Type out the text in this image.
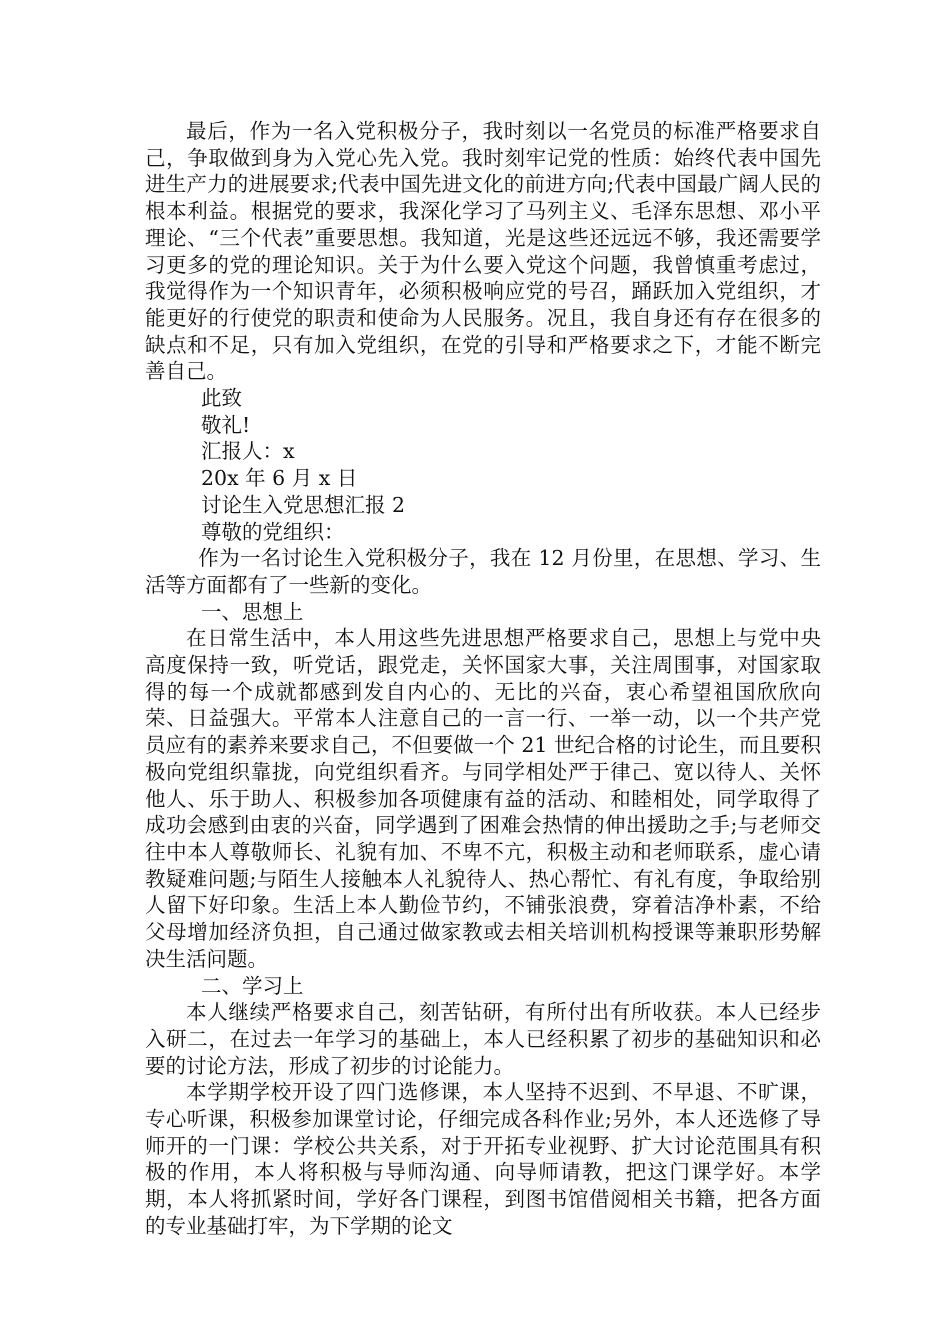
最后，作为一名入党积极分子，我时刻以一名党员的标准严格要求自己，争取做到身为入党心先入党。我时刻牢记党的性质：始终代表中国先进生产力的进展要求;代表中国先进文化的前进方向;代表中国最广阔人民的根本利益。根据党的要求，我深化学习了马列主义、毛泽东思想、邓小平理论、“三个代表”重要思想。我知道，光是这些还远远不够，我还需要学习更多的党的理论知识。关于为什么要入党这个问题，我曾慎重考虑过，我觉得作为一个知识青年，必须积极响应党的号召，踊跃加入党组织，才能更好的行使党的职责和使命为人民服务。况且，我自身还有存在很多的缺点和不足，只有加入党组织，在党的引导和严格要求之下，才能不断完善自己。

此致

敬礼!

汇报人：x

20x 年 6 月 x 日

讨论生入党思想汇报 2

尊敬的党组织：

作为一名讨论生入党积极分子，我在 12 月份里，在思想、学习、生活等方面都有了一些新的变化。

一、思想上

在日常生活中，本人用这些先进思想严格要求自己，思想上与党中央高度保持一致，听党话，跟党走，关怀国家大事，关注周围事，对国家取得的每一个成就都感到发自内心的、无比的兴奋，衷心希望祖国欣欣向荣、日益强大。平常本人注意自己的一言一行、一举一动，以一个共产党员应有的素养来要求自己，不但要做一个 21 世纪合格的讨论生，而且要积极向党组织靠拢，向党组织看齐。与同学相处严于律己、宽以待人、关怀他人、乐于助人、积极参加各项健康有益的活动、和睦相处，同学取得了成功会感到由衷的兴奋，同学遇到了困难会热情的伸出援助之手;与老师交往中本人尊敬师长、礼貌有加、不卑不亢，积极主动和老师联系，虚心请教疑难问题;与陌生人接触本人礼貌待人、热心帮忙、有礼有度，争取给别人留下好印象。生活上本人勤俭节约，不铺张浪费，穿着洁净朴素，不给父母增加经济负担，自己通过做家教或去相关培训机构授课等兼职形势解决生活问题。

二、学习上

本人继续严格要求自己，刻苦钻研，有所付出有所收获。本人已经步入研二，在过去一年学习的基础上，本人已经积累了初步的基础知识和必要的讨论方法，形成了初步的讨论能力。

本学期学校开设了四门选修课，本人坚持不迟到、不早退、不旷课，专心听课，积极参加课堂讨论，仔细完成各科作业;另外，本人还选修了导师开的一门课：学校公共关系，对于开拓专业视野、扩大讨论范围具有积极的作用，本人将积极与导师沟通、向导师请教，把这门课学好。本学期，本人将抓紧时间，学好各门课程，到图书馆借阅相关书籍，把各方面的专业基础打牢，为下学期的论文
